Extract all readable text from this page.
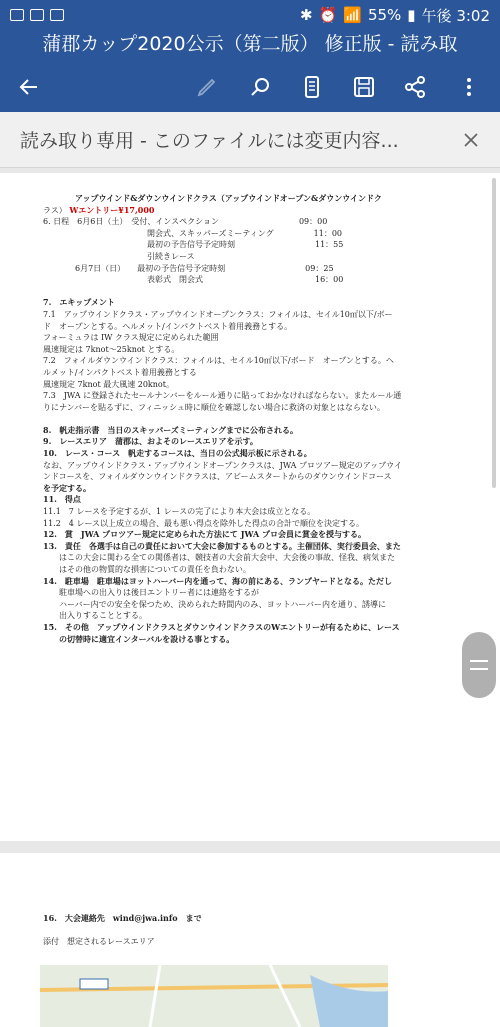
✱ ⏰ 📶 55% ▮ 午後 3:02
蒲郡カップ2020公示（第二版） 修正版 - 読み取
読み取り専用 - このファイルには変更内容...
　　　　アップウインド&ダウンウインドクラス（アップウインドオープン&ダウンウインドク
ラス） Wエントリー¥17,000
6. 日程　6月6日（土）　受付、インスペクション　　　　　　　　　　09：00
　　　　　　　　　　　　　開会式、スキッパーズミーティング　　　　　11：00
　　　　　　　　　　　　　最初の予告信号予定時刻　　　　　　　　　　11：55
　　　　　　　　　　　　　引続きレース
　　　　6月7日（日）　　最初の予告信号予定時刻　　　　　　　　　　09：25
　　　　　　　　　　　　　表彰式　閉会式　　　　　　　　　　　　　　16：00

7.　エキップメント
7.1　アップウインドクラス・アップウインドオープンクラス：フォイルは、セイル10㎡以下/ボー
ド　オープンとする。ヘルメット/インパクトベスト着用義務とする。
フォーミュラは IW クラス規定に定められた範囲
風速規定は 7knot〜25knot とする。
7.2　フォイルダウンウインドクラス：フォイルは、セイル10㎡以下/ボード　オープンとする。ヘ
ルメット/インパクトベスト着用義務とする
風速規定 7knot 最大風速 20knot。
7.3　JWA に登録されたセールナンバーをルール通りに貼っておかなければならない。またルール通
りにナンバーを貼るずに、フィニッシュ時に順位を確認しない場合に救済の対象とはならない。

8.　帆走指示書　当日のスキッパーズミーティングまでに公布される。
9.　レースエリア　蒲郡は、およそのレースエリアを示す。
10.　レース・コース　帆走するコースは、当日の公式掲示板に示される。
なお、アップウインドクラス・アップウインドオープンクラスは、JWA プロツアー規定のアップウイ
ンドコースを、フォイルダウンウインドクラスは、アビームスタートからのダウンウインドコース
を予定する。
11.　得点
11.1　7 レースを予定するが、1 レースの完了により本大会は成立となる。
11.2　4 レース以上成立の場合、最も悪い得点を除外した得点の合計で順位を決定する。
12.　賞　JWA プロツアー規定に定められた方法にて JWA プロ会員に賞金を授与する。
13.　責任　各選手は自己の責任において大会に参加するものとする。主催団体、実行委員会、また
　　はこの大会に関わる全ての関係者は、競技者の大会前大会中、大会後の事故、怪我、病気また
　　はその他の物質的な損害についての責任を負わない。
14.　駐車場　駐車場はヨットハーバー内を通って、海の前にある、ランプヤードとなる。ただし
　　駐車場への出入りは後日エントリー者には連絡をするが
　　ハーバー内での安全を保つため、決められた時間内のみ、ヨットハーバー内を通り、誘導に
　　出入りすることとする。
15.　その他　アップウインドクラスとダウンウインドクラスのWエントリーが有るために、レース
　　の切替時に適宜インターバルを設ける事とする。
16.　大会連絡先　wind@jwa.info　まで

添付　想定されるレースエリア
